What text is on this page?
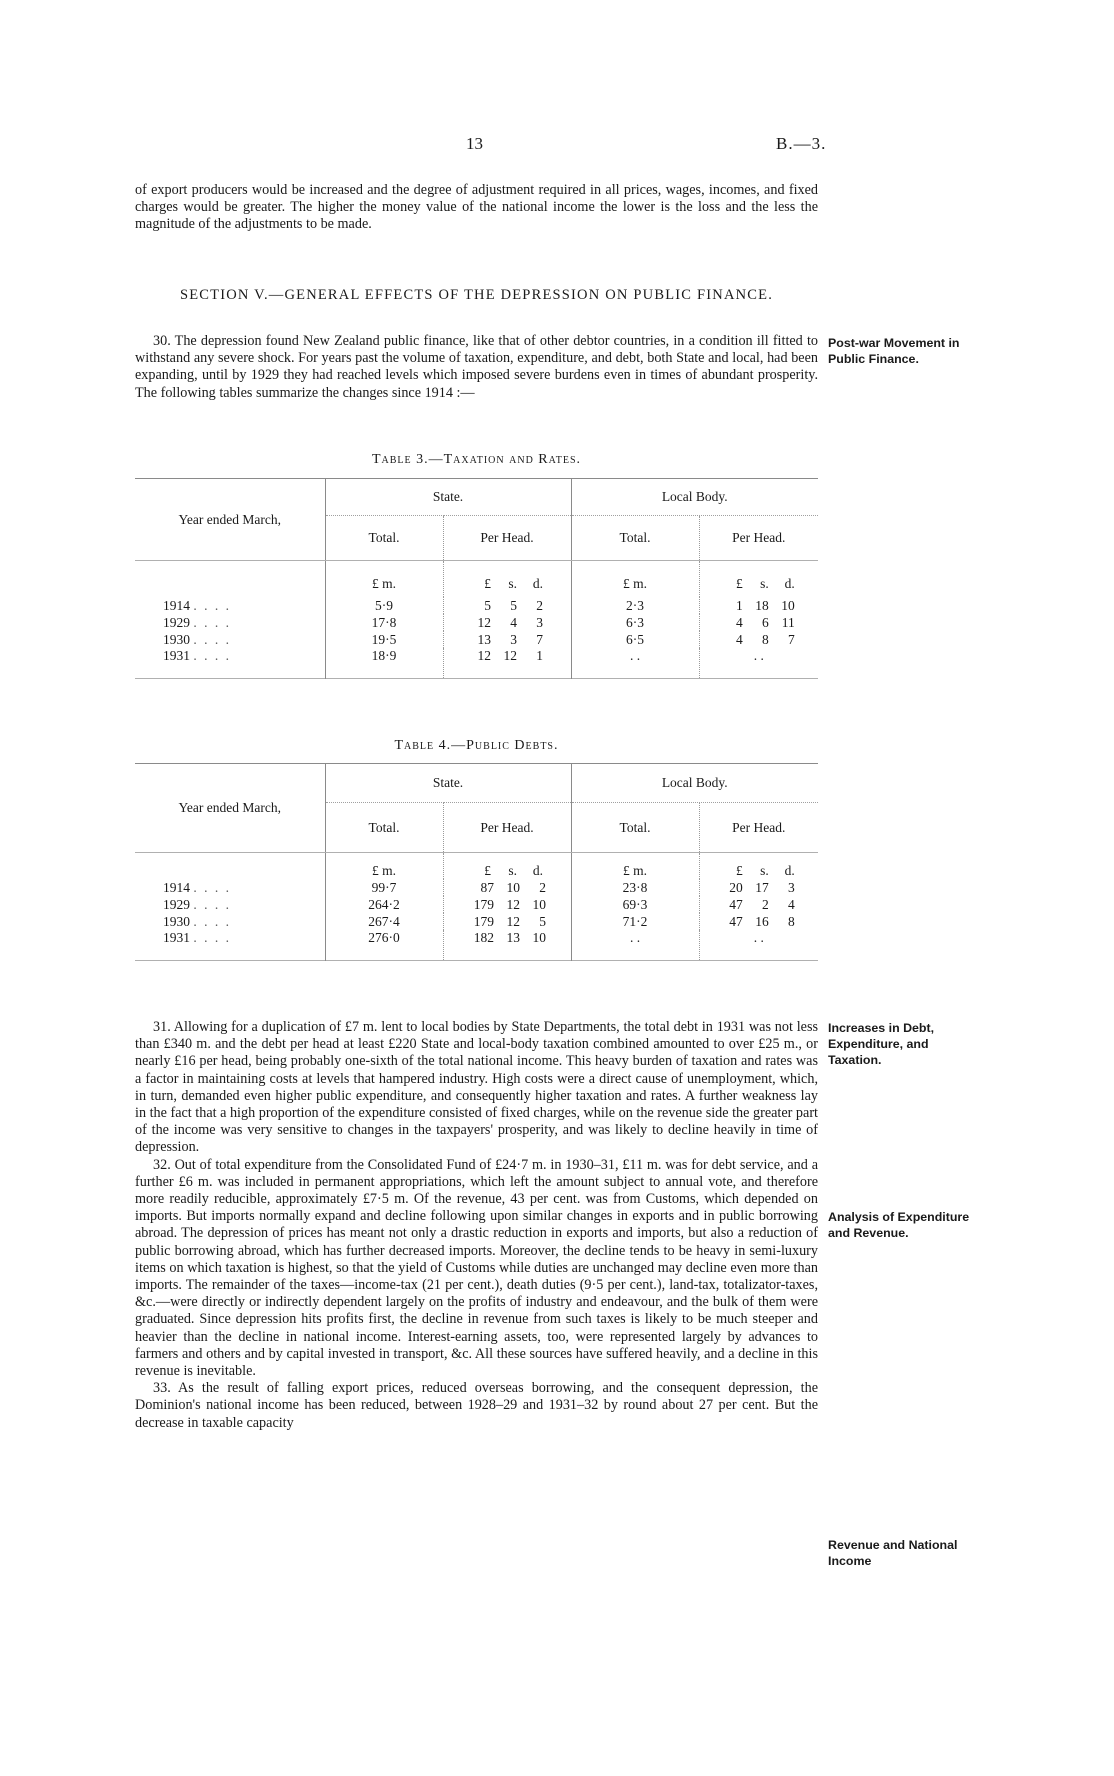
13	B.—3.

of export producers would be increased and the degree of adjustment required in all prices, wages, incomes, and fixed charges would be greater. The higher the money value of the national income the lower is the loss and the less the magnitude of the adjustments to be made.

SECTION V.—GENERAL EFFECTS OF THE DEPRESSION ON PUBLIC FINANCE.

30. The depression found New Zealand public finance, like that of other debtor countries, in a condition ill fitted to withstand any severe shock. For years past the volume of taxation, expenditure, and debt, both State and local, had been expanding, until by 1929 they had reached levels which imposed severe burdens even in times of abundant prosperity. The following tables summarize the changes since 1914 :—

Post-war Movement in Public Finance.
Table 3.—Taxation and Rates.
Year ended March,	State.		Local Body.	
	Total.	Per Head.	Total.	Per Head.
	£ m.	£ s. d.	£ m.	£ s. d.
1914 . . . .	5·9	5 5 2	2·3	1 18 10
1929 . . . .	17·8	12 4 3	6·3	4 6 11
1930 . . . .	19·5	13 3 7	6·5	4 8 7
1931 . . . .	18·9	12 12 1	. .	. .
Table 4.—Public Debts.
Year ended March,	State.		Local Body.	
	Total.	Per Head.	Total.	Per Head.
	£ m.	£ s. d.	£ m.	£ s. d.
1914 . . . .	99·7	87 10 2	23·8	20 17 3
1929 . . . .	264·2	179 12 10	69·3	47 2 4
1930 . . . .	267·4	179 12 5	71·2	47 16 8
1931 . . . .	276·0	182 13 10	. .	. .

31. Allowing for a duplication of £7 m. lent to local bodies by State Departments, the total debt in 1931 was not less than £340 m. and the debt per head at least £220 State and local-body taxation combined amounted to over £25 m., or nearly £16 per head, being probably one-sixth of the total national income. This heavy burden of taxation and rates was a factor in maintaining costs at levels that hampered industry. High costs were a direct cause of unemployment, which, in turn, demanded even higher public expenditure, and consequently higher taxation and rates. A further weakness lay in the fact that a high proportion of the expenditure consisted of fixed charges, while on the revenue side the greater part of the income was very sensitive to changes in the taxpayers' prosperity, and was likely to decline heavily in time of depression.

32. Out of total expenditure from the Consolidated Fund of £24·7 m. in 1930–31, £11 m. was for debt service, and a further £6 m. was included in permanent appropriations, which left the amount subject to annual vote, and therefore more readily reducible, approximately £7·5 m. Of the revenue, 43 per cent. was from Customs, which depended on imports. But imports normally expand and decline following upon similar changes in exports and in public borrowing abroad. The depression of prices has meant not only a drastic reduction in exports and imports, but also a reduction of public borrowing abroad, which has further decreased imports. Moreover, the decline tends to be heavy in semi-luxury items on which taxation is highest, so that the yield of Customs while duties are unchanged may decline even more than imports. The remainder of the taxes—income-tax (21 per cent.), death duties (9·5 per cent.), land-tax, totalizator-taxes, &c.—were directly or indirectly dependent largely on the profits of industry and endeavour, and the bulk of them were graduated. Since depression hits profits first, the decline in revenue from such taxes is likely to be much steeper and heavier than the decline in national income. Interest-earning assets, too, were represented largely by advances to farmers and others and by capital invested in transport, &c. All these sources have suffered heavily, and a decline in this revenue is inevitable.

33. As the result of falling export prices, reduced overseas borrowing, and the consequent depression, the Dominion's national income has been reduced, between 1928–29 and 1931–32 by round about 27 per cent. But the decrease in taxable capacity

Increases in Debt, Expenditure, and Taxation.
Analysis of Expenditure and Revenue.
Revenue and National Income
